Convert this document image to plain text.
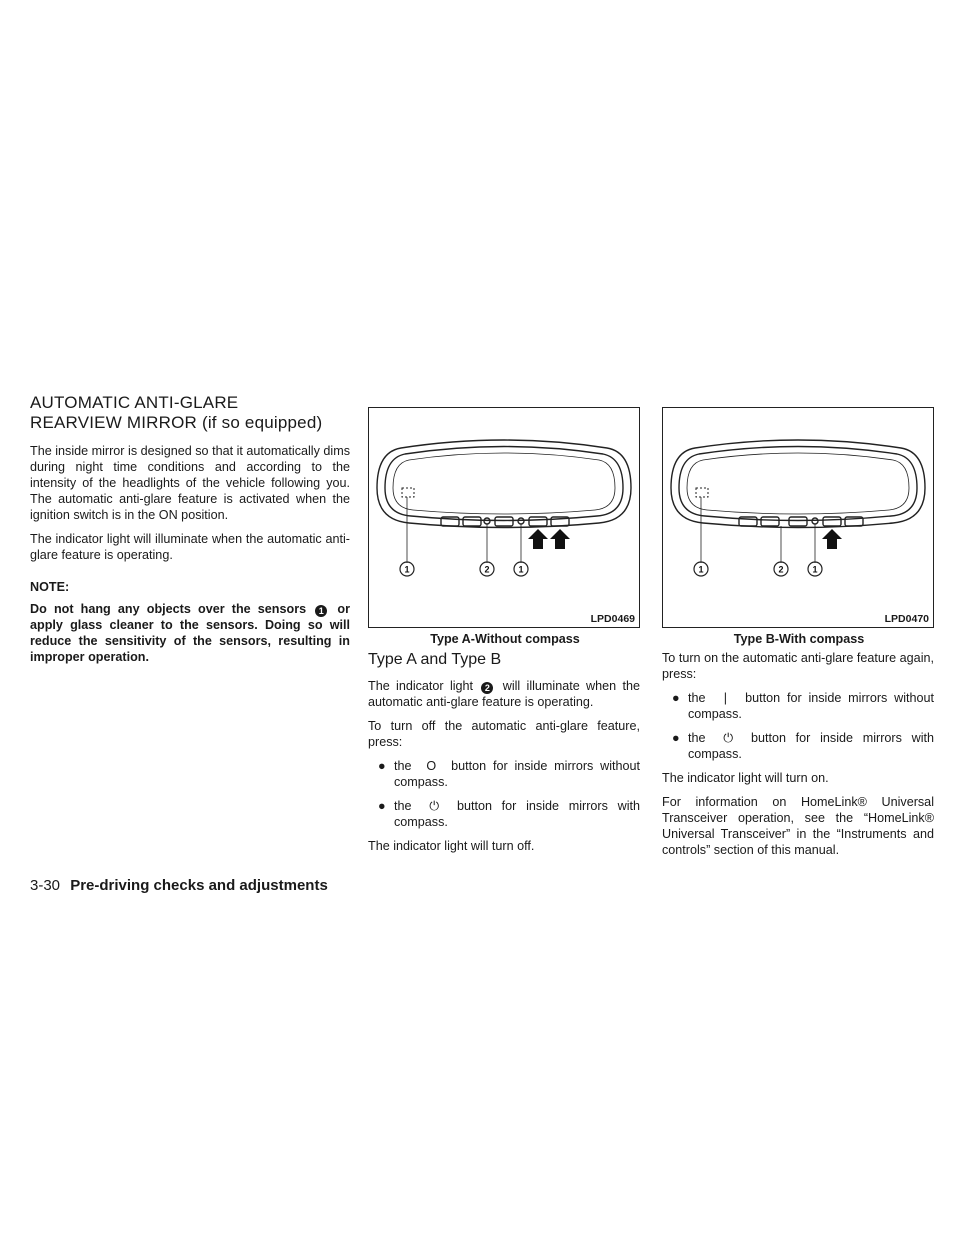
AUTOMATIC ANTI-GLARE
REARVIEW MIRROR (if so equipped)

The inside mirror is designed so that it automatically dims during night time conditions and according to the intensity of the headlights of the vehicle following you. The automatic anti-glare feature is activated when the ignition switch is in the ON position.

The indicator light will illuminate when the automatic anti-glare feature is operating.

NOTE:

Do not hang any objects over the sensors 1 or apply glass cleaner to the sensors. Doing so will reduce the sensitivity of the sensors, resulting in improper operation.

1	2	1
LPD0469
Type A-Without compass
1	2	1
LPD0470
Type B-With compass
Type A and Type B

The indicator light 2 will illuminate when the automatic anti-glare feature is operating.

To turn off the automatic anti-glare feature, press:

● the O button for inside mirrors without compass.
● the ⏻ button for inside mirrors with compass.

The indicator light will turn off.

To turn on the automatic anti-glare feature again, press:

● the | button for inside mirrors without compass.
● the ⏻ button for inside mirrors with compass.

The indicator light will turn on.

For information on HomeLink® Universal Transceiver operation, see the “HomeLink® Universal Transceiver” in the “Instruments and controls” section of this manual.

3-30 Pre-driving checks and adjustments
